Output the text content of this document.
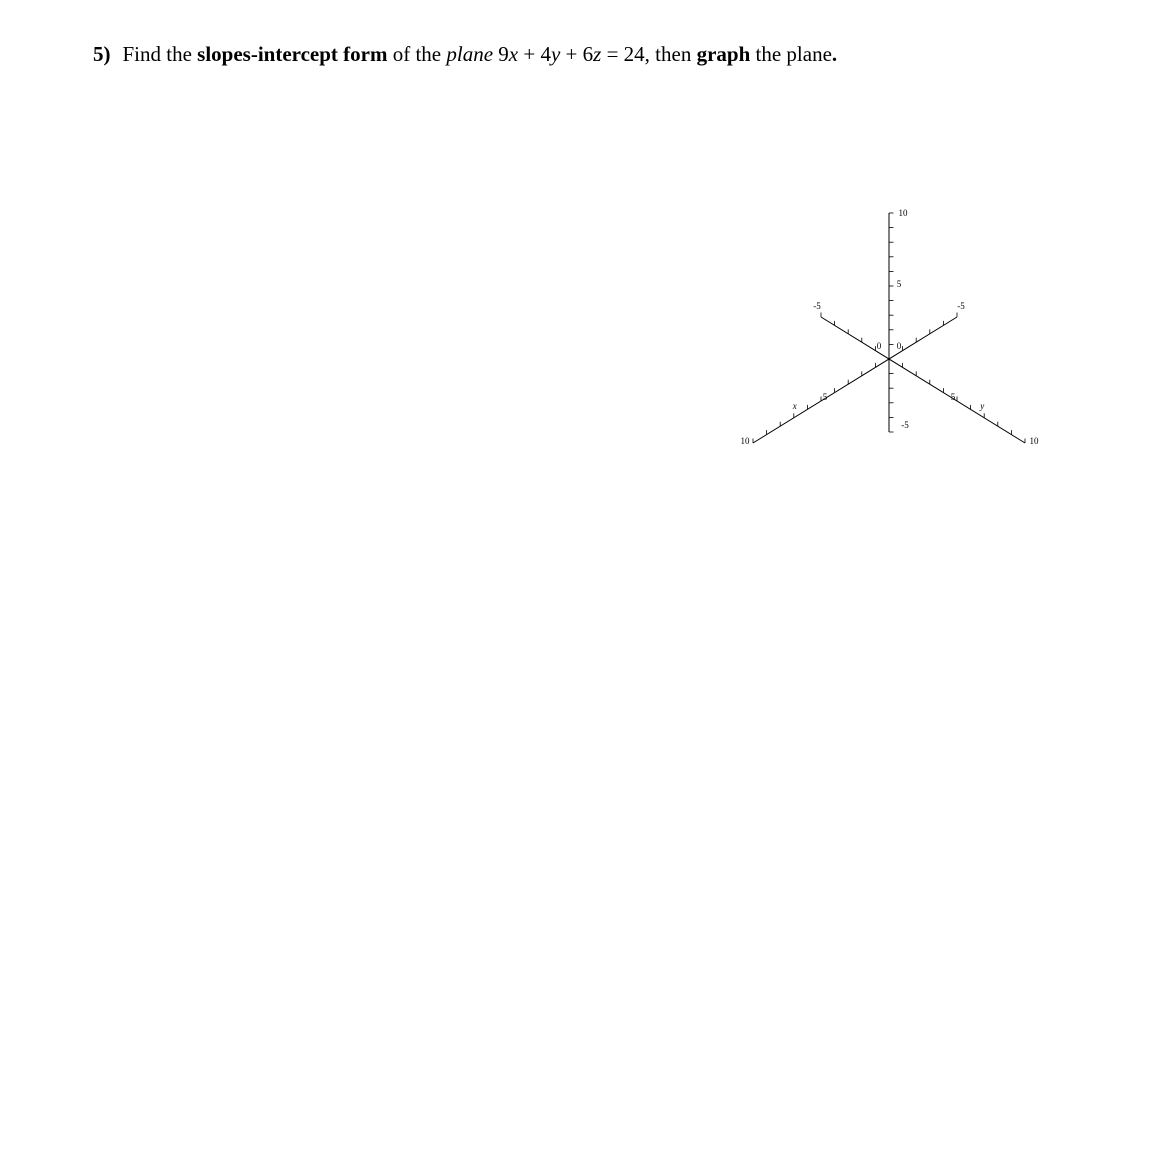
5) Find the slopes-intercept form of the plane 9x + 4y + 6z = 24, then graph the plane.
-5
5
10
0
-5
5
10
0
10
5
-5
x	y
